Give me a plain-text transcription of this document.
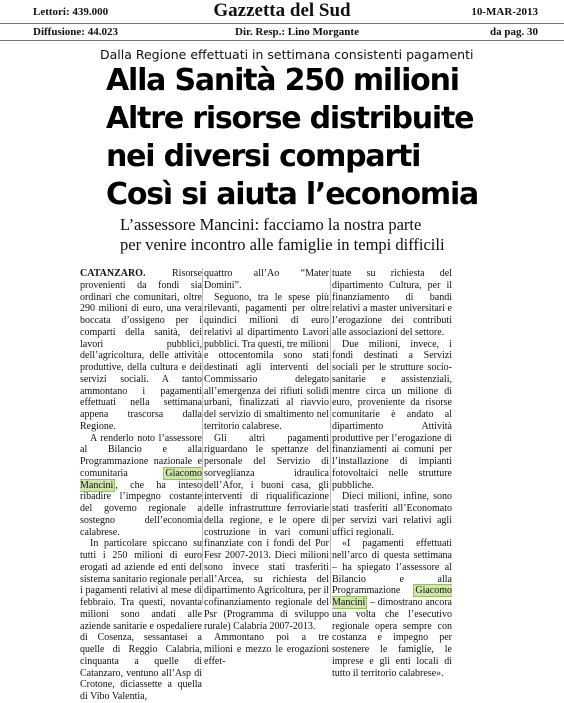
Lettori: 439.000	Gazzetta del Sud	10-MAR-2013
Diffusione: 44.023	Dir. Resp.: Lino Morgante	da pag. 30
Dalla Regione effettuati in settimana consistenti pagamenti
Alla Sanità 250 milioni
Altre risorse distribuite
nei diversi comparti
Così si aiuta l’economia
L’assessore Mancini: facciamo la nostra parte
per venire incontro alle famiglie in tempi difficili

CATANZARO.	Risorse provenienti da fondi sia ordinari che comunitari, oltre 290 milioni di euro, una vera boccata d’ossigeno per i comparti della sanità, dei lavori pubblici, dell’agricoltura, delle attività produttive, della cultura e dei servizi sociali. A tanto ammontano i pagamenti effettuati nella settimana appena trascorsa dalla Regione.

A renderlo noto l’assessore al Bilancio e alla Programmazione nazionale e comunitaria	Giacomo Mancini , che ha inteso ribadire l’impegno costante del governo regionale a sostegno dell’economia calabrese.

In particolare spiccano su tutti i 250 milioni di euro erogati ad aziende ed enti del sistema sanitario regionale per i pagamenti relativi al mese di febbraio. Tra questi, novanta milioni sono andati alle aziende sanitarie e ospedaliere di Cosenza, sessantasei a quelle di Reggio Calabria, cinquanta a quelle di Catanzaro, ventuno all’Asp di Crotone, diciassette a quella di Vibo Valentia,

quattro all’Ao “Mater Domini”.

Seguono, tra le spese più rilevanti, pagamenti per oltre quindici milioni di euro relativi al dipartimento Lavori pubblici. Tra questi, tre milioni e ottocentomila sono stati destinati agli interventi del Commissario delegato all’emergenza dei rifiuti solidi urbani, finalizzati al riavvio del servizio di smaltimento nel territorio calabrese.

Gli altri pagamenti riguardano le spettanze del personale del Servizio di sorveglianza idraulica dell’Afor, i buoni casa, gli interventi di riqualificazione delle infrastrutture ferroviarie della regione, e le opere di costruzione in vari comuni finanziate con i fondi del Por Fesr 2007-2013. Dieci milioni sono invece stati trasferiti all’Arcea, su richiesta del dipartimento Agricoltura, per il cofinanziamento regionale del Psr (Programma di sviluppo rurale) Calabria 2007-2013.

Ammontano poi a tre milioni e mezzo le erogazioni effet-

tuate su richiesta del dipartimento Cultura, per il finanziamento di bandi relativi a master universitari e l’erogazione dei contributi alle associazioni del settore.

Due milioni, invece, i fondi destinati a Servizi sociali per le strutture socio-sanitarie e assistenziali, mentre circa un milione di euro, proveniente da risorse comunitarie è andato al dipartimento Attività produttive per l’erogazione di finanziamenti ai comuni per l’installazione di impianti fotovoltaici nelle strutture pubbliche.

Dieci milioni, infine, sono stati trasferiti all’Economato per servizi vari relativi agli uffici regionali.

«I pagamenti effettuati nell’arco di questa settimana – ha spiegato l’assessore al Bilancio e alla Programmazione Giacomo Mancini – dimostrano ancora una volta che l’esecutivo regionale opera sempre con costanza e impegno per sostenere le famiglie, le imprese e gli enti locali di tutto il territorio calabrese».
